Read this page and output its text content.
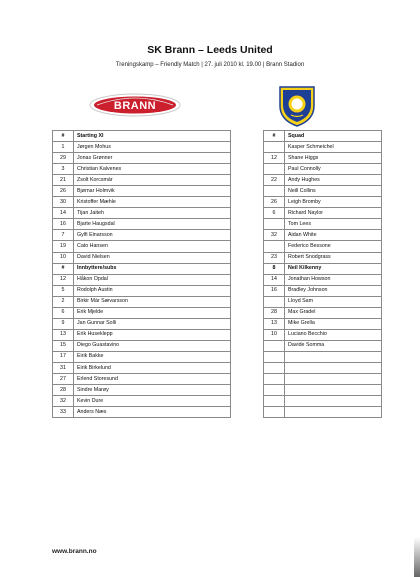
SK Brann – Leeds United
Treningskamp – Friendly Match | 27. juli 2010 kl. 19.00 | Brann Stadion
BRANN
#	Starting XI		#	Squad
1	Jørgen Mohus			Kasper Schmeichel
29	Jonas Grønner		12	Shane Higgs
3	Christian Kalvenes			Paul Connolly
21	Zsolt Korcsmár		22	Andy Hughes
26	Bjørnar Holmvik			Neill Collins
30	Kristoffer Mæhle		26	Leigh Bromby
14	Tijan Jaiteh		6	Richard Naylor
16	Bjarte Haugsdal			Tom Lees
7	Gylfi Einarsson		32	Aidan White
19	Cato Hansen			Federico Bessone
10	David Nielsen		23	Robert Snodgrass
#	Innbyttere/subs		8	Neil Kilkenny
12	Håkon Opdal		14	Jonathan Howson
5	Rodolph Austin		16	Bradley Johnson
2	Birkir Már Sævarsson			Lloyd Sam
6	Erik Mjelde		28	Max Gradel
9	Jan Gunnar Solli		13	Mike Grella
13	Erik Huseklepp		10	Luciano Becchio
15	Diego Guastavino			Davide Somma
17	Eirik Bakke			
31	Eirik Birkelund			
27	Erlend Storesund			
28	Sindre Marøy			
32	Kevin Dure			
33	Anders Næs			
www.brann.no
